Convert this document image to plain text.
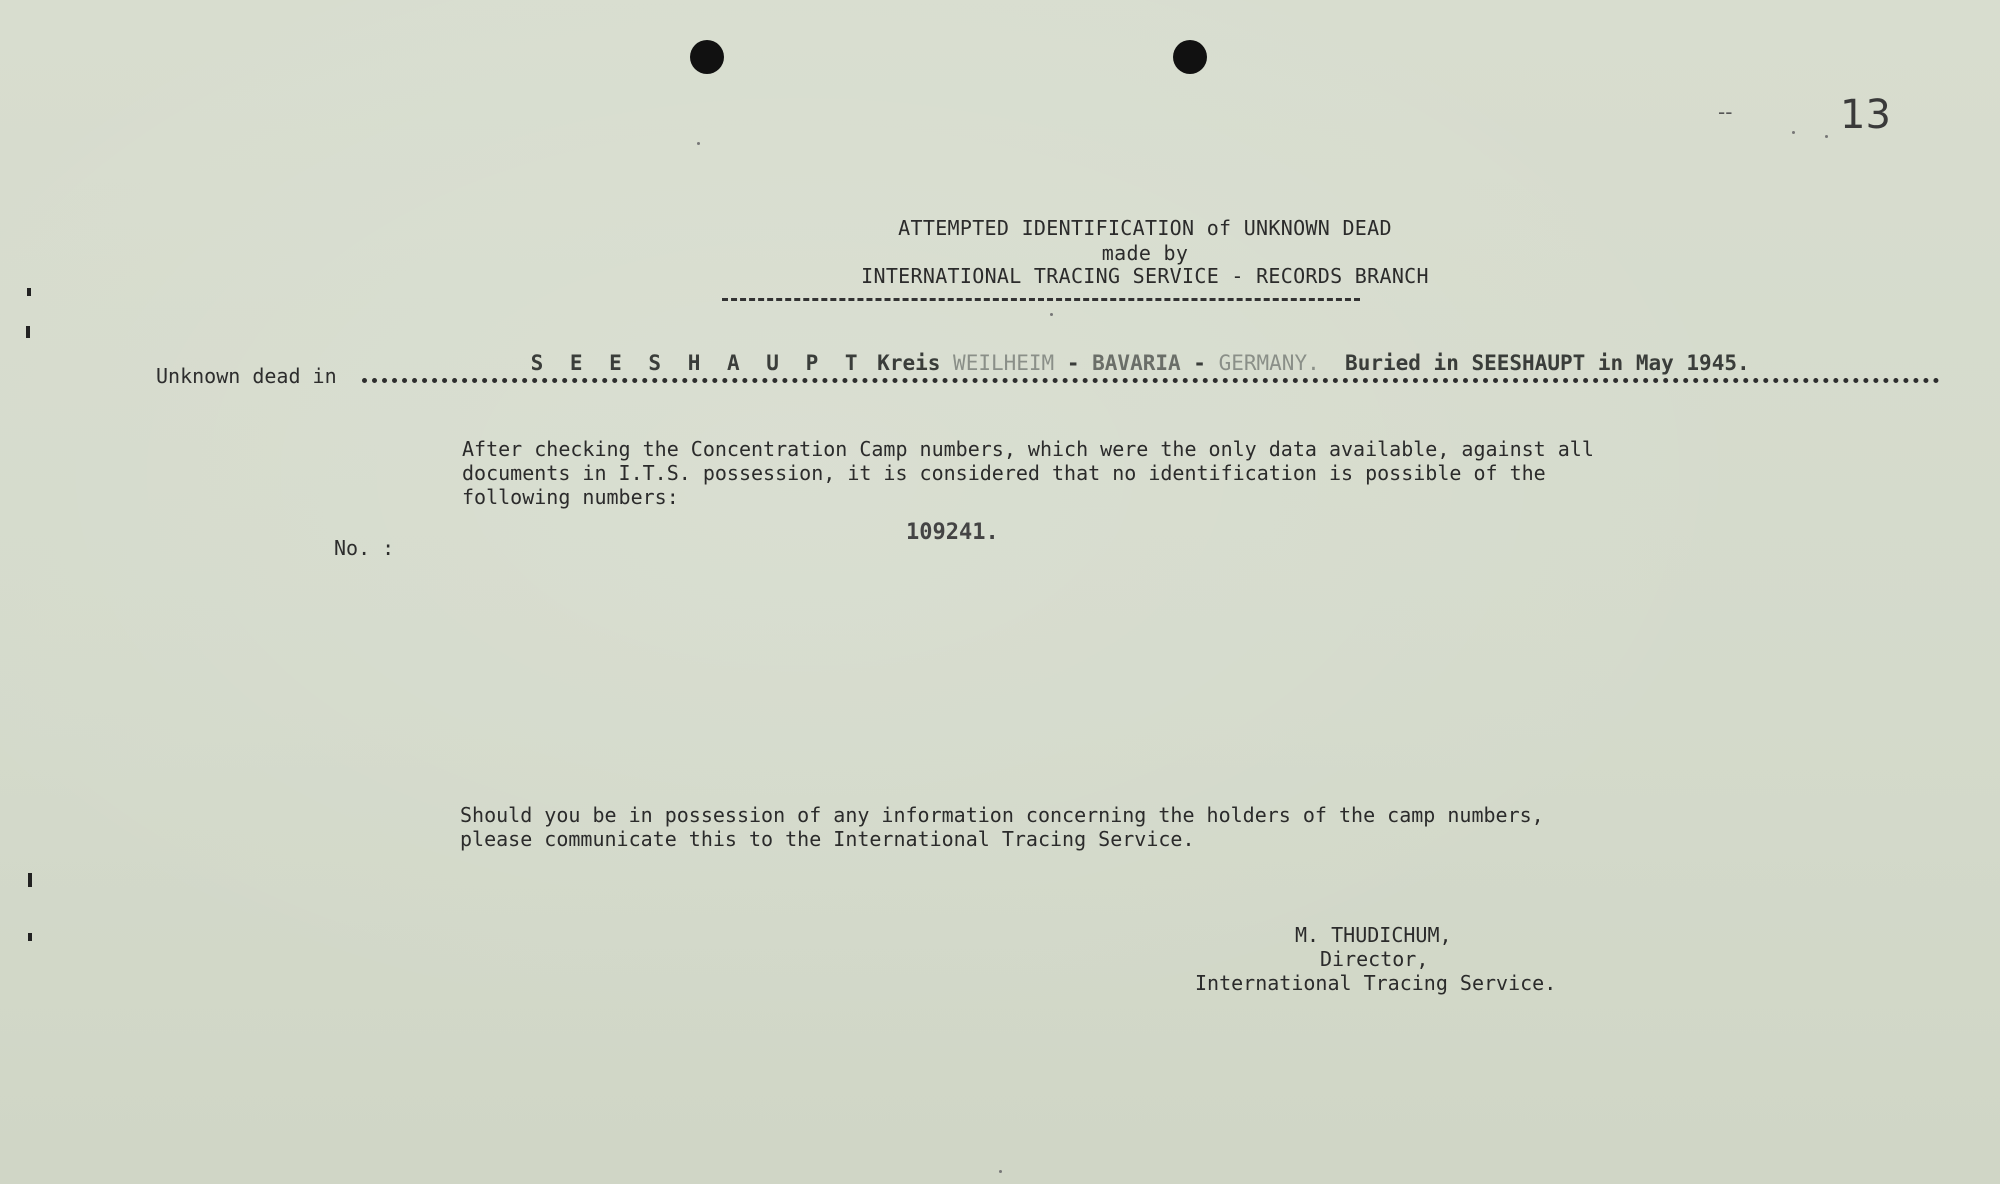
--	13
ATTEMPTED IDENTIFICATION of UNKNOWN DEAD
made by
INTERNATIONAL TRACING SERVICE - RECORDS BRANCH

S E E S H A U P T Kreis WEILHEIM - BAVARIA - GERMANY. Buried in SEESHAUPT in May 1945.

Unknown dead in
After checking the Concentration Camp numbers, which were the only data available, against all
documents in I.T.S. possession, it is considered that no identification is possible of the
following numbers:
No. :
109241.
Should you be in possession of any information concerning the holders of the camp numbers,
please communicate this to the International Tracing Service.
M. THUDICHUM,
Director,
International Tracing Service.
